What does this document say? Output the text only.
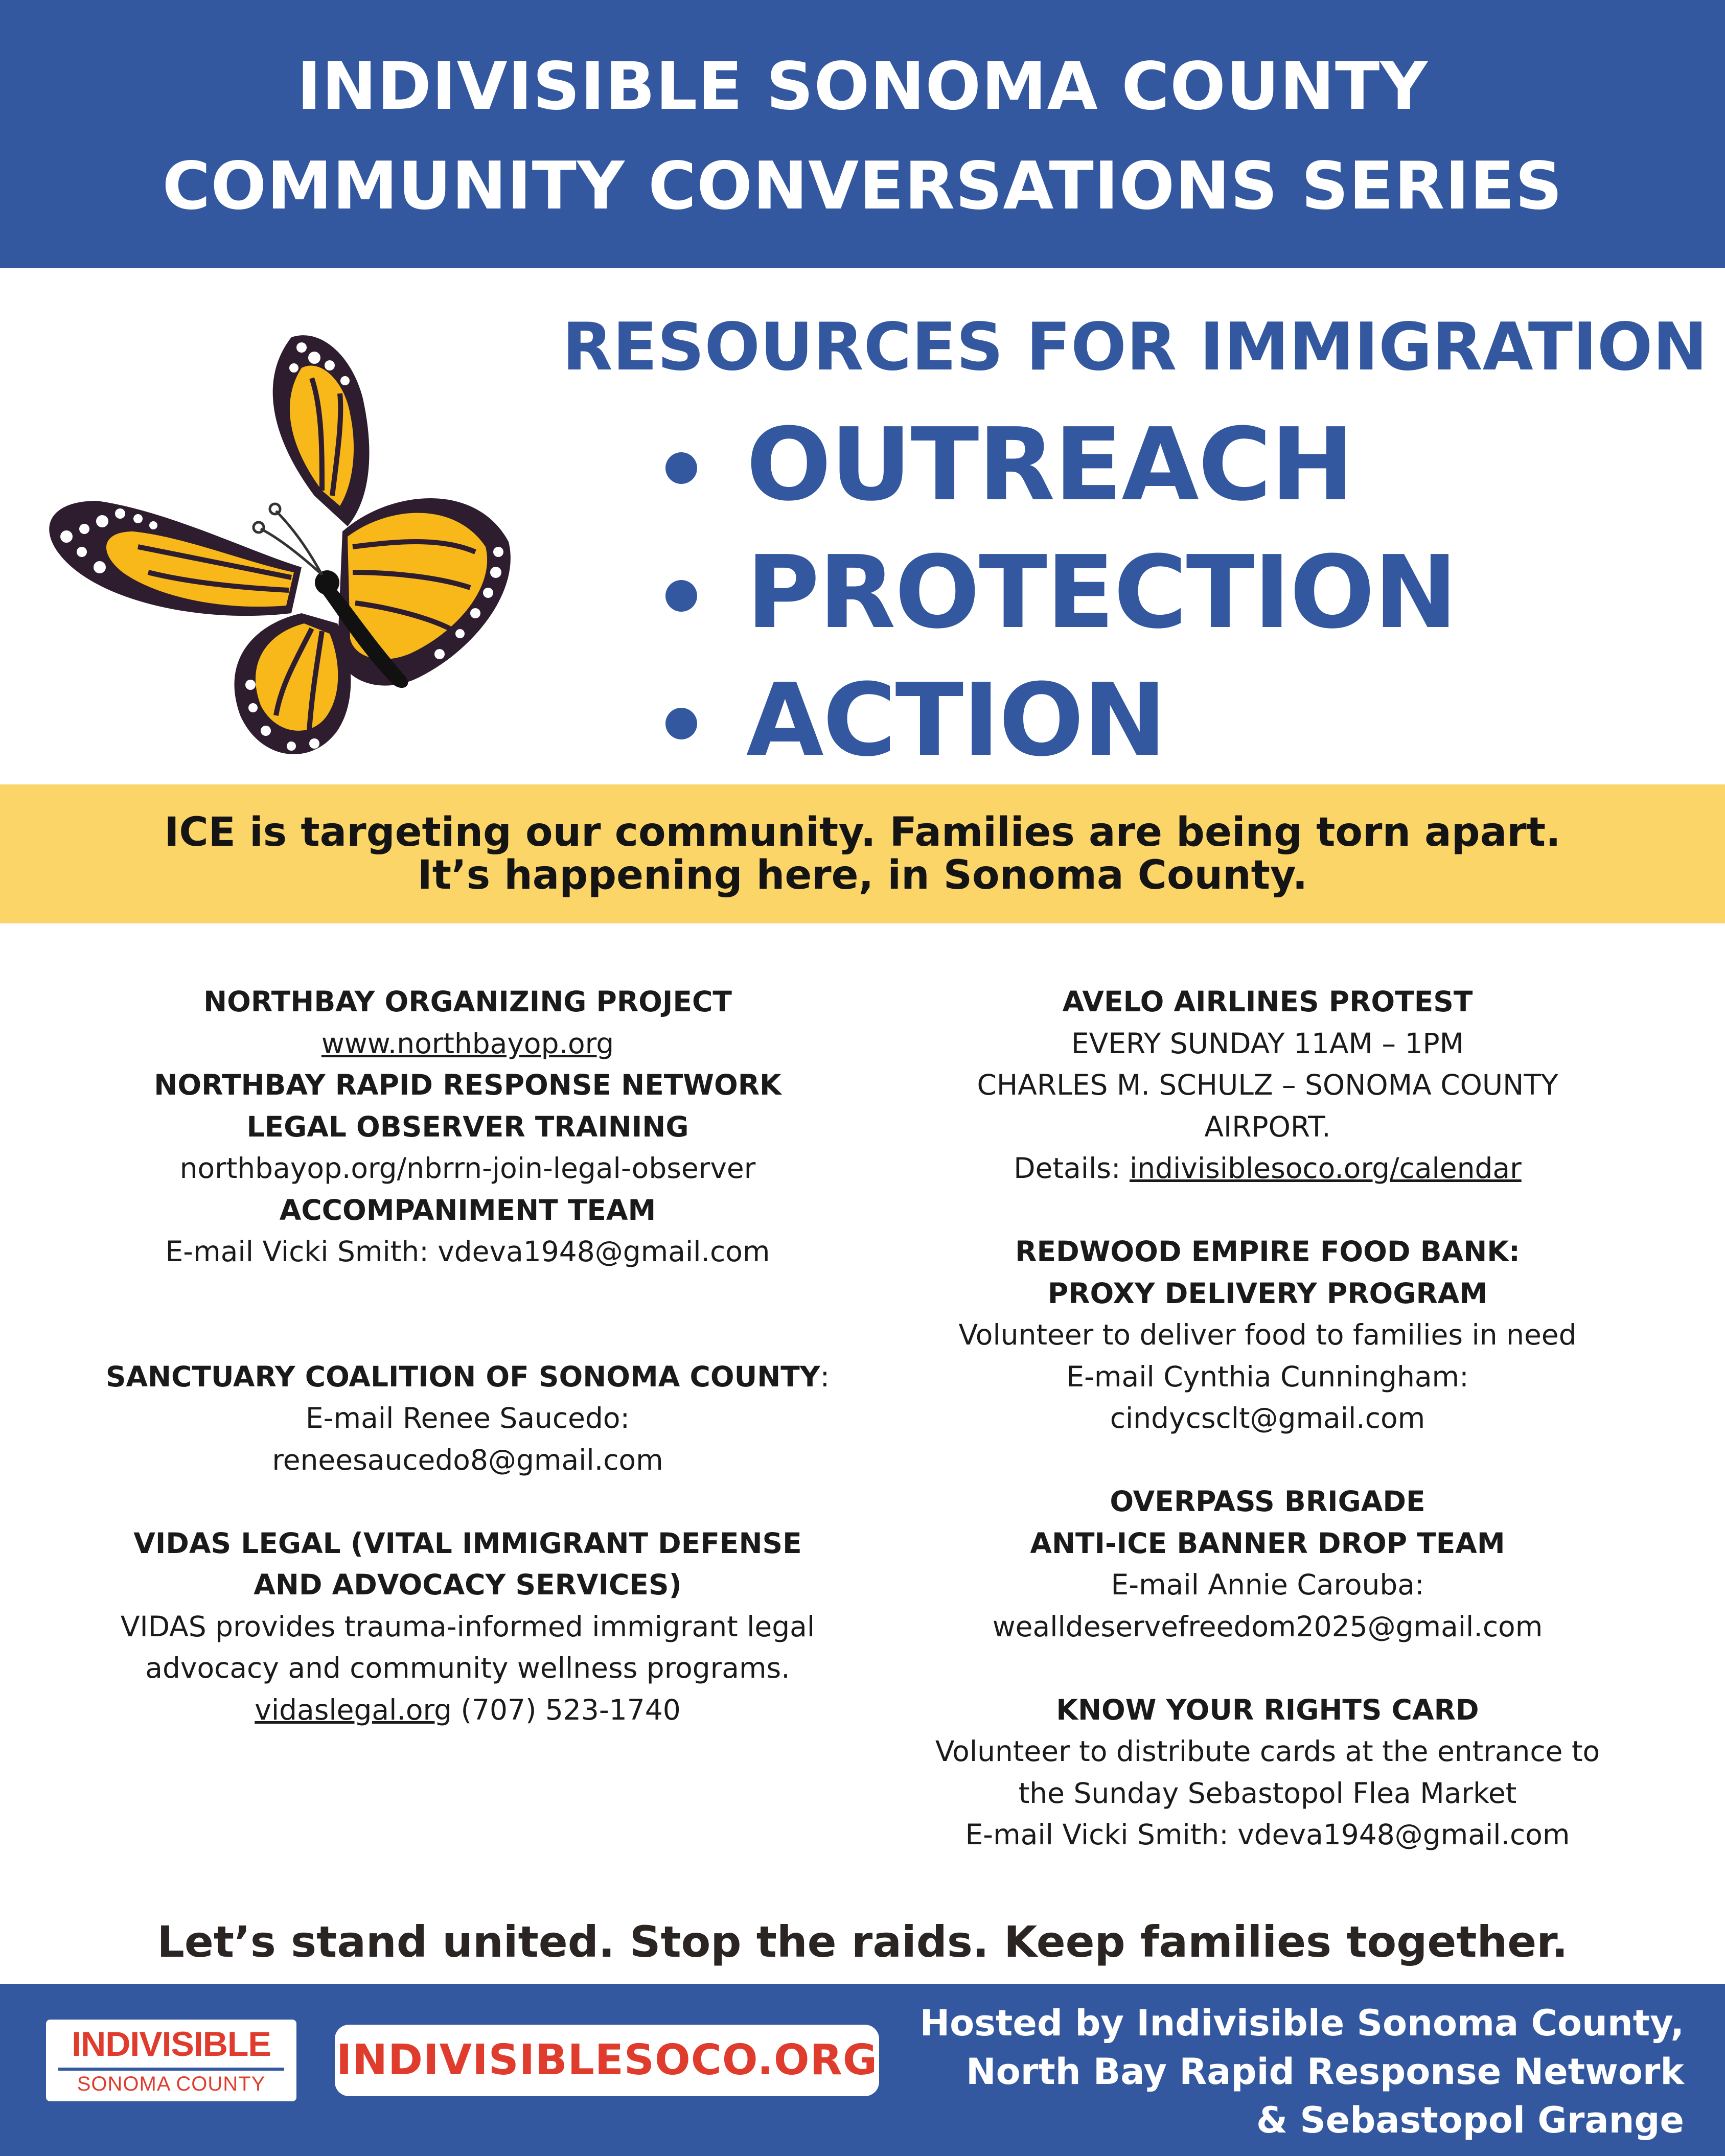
INDIVISIBLE SONOMA COUNTY
COMMUNITY CONVERSATIONS SERIES
RESOURCES FOR IMMIGRATION
OUTREACH
PROTECTION
ACTION
ICE is targeting our community. Families are being torn apart.
It’s happening here, in Sonoma County.
NORTHBAY ORGANIZING PROJECT
www.northbayop.org
NORTHBAY RAPID RESPONSE NETWORK
LEGAL OBSERVER TRAINING
northbayop.org/nbrrn-join-legal-observer
ACCOMPANIMENT TEAM
E-mail Vicki Smith: vdeva1948@gmail.com
SANCTUARY COALITION OF SONOMA COUNTY:
E-mail Renee Saucedo:
reneesaucedo8@gmail.com
VIDAS LEGAL (VITAL IMMIGRANT DEFENSE
AND ADVOCACY SERVICES)
VIDAS provides trauma-informed immigrant legal
advocacy and community wellness programs.
vidaslegal.org (707) 523-1740
AVELO AIRLINES PROTEST
EVERY SUNDAY 11AM – 1PM
CHARLES M. SCHULZ – SONOMA COUNTY
AIRPORT.
Details: indivisiblesoco.org/calendar
REDWOOD EMPIRE FOOD BANK:
PROXY DELIVERY PROGRAM
Volunteer to deliver food to families in need
E-mail Cynthia Cunningham:
cindycsclt@gmail.com
OVERPASS BRIGADE
ANTI-ICE BANNER DROP TEAM
E-mail Annie Carouba:
wealldeservefreedom2025@gmail.com
KNOW YOUR RIGHTS CARD
Volunteer to distribute cards at the entrance to
the Sunday Sebastopol Flea Market
E-mail Vicki Smith: vdeva1948@gmail.com
Let’s stand united. Stop the raids. Keep families together.
INDIVISIBLE
SONOMA COUNTY	INDIVISIBLESOCO.ORG
Hosted by Indivisible Sonoma County,
North Bay Rapid Response Network
& Sebastopol Grange
